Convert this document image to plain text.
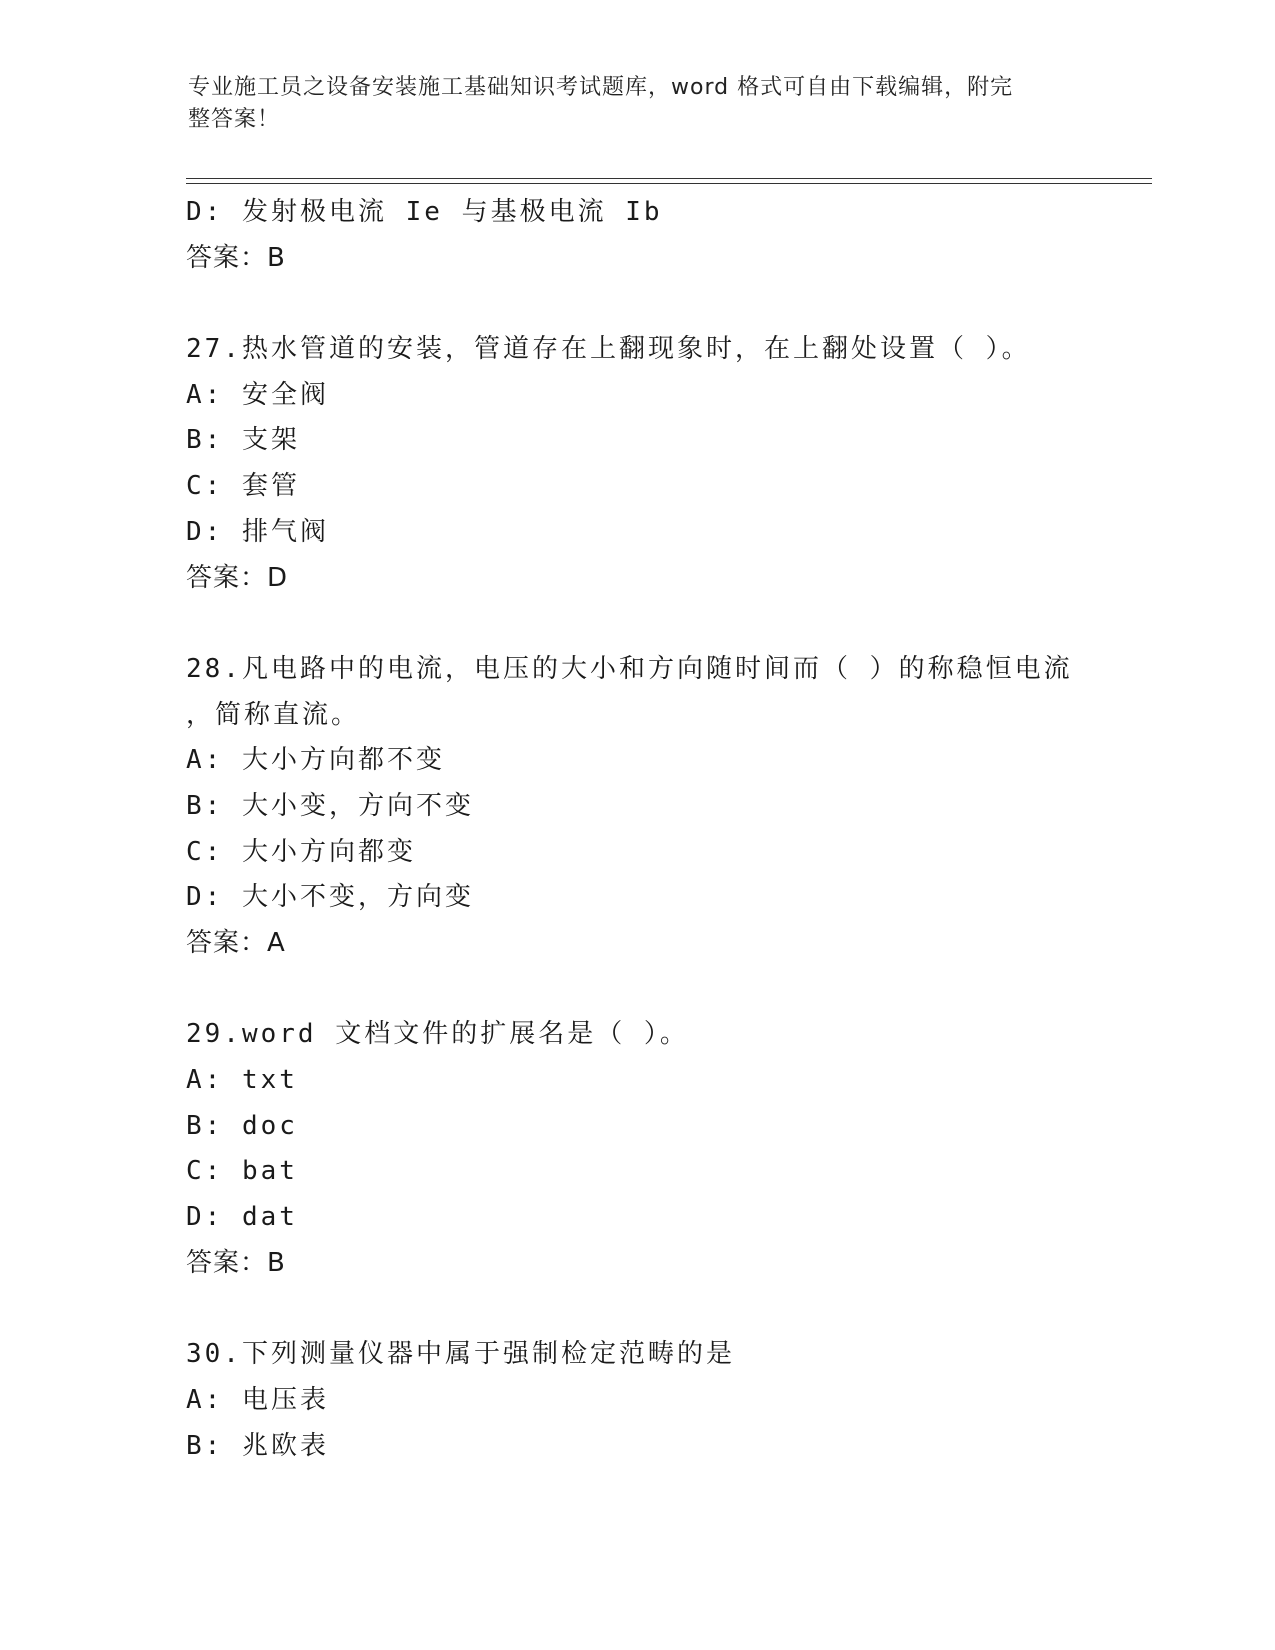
专业施工员之设备安装施工基础知识考试题库，word 格式可自由下载编辑，附完
整答案！
D: 发射极电流 Ie 与基极电流 Ib
答案：B
27.热水管道的安装，管道存在上翻现象时，在上翻处设置（ ）。
A: 安全阀
B: 支架
C: 套管
D: 排气阀
答案：D
28.凡电路中的电流，电压的大小和方向随时间而（ ）的称稳恒电流
，简称直流。
A: 大小方向都不变
B: 大小变，方向不变
C: 大小方向都变
D: 大小不变，方向变
答案：A
29.word 文档文件的扩展名是（ ）。
A: txt
B: doc
C: bat
D: dat
答案：B
30.下列测量仪器中属于强制检定范畴的是
A: 电压表
B: 兆欧表
